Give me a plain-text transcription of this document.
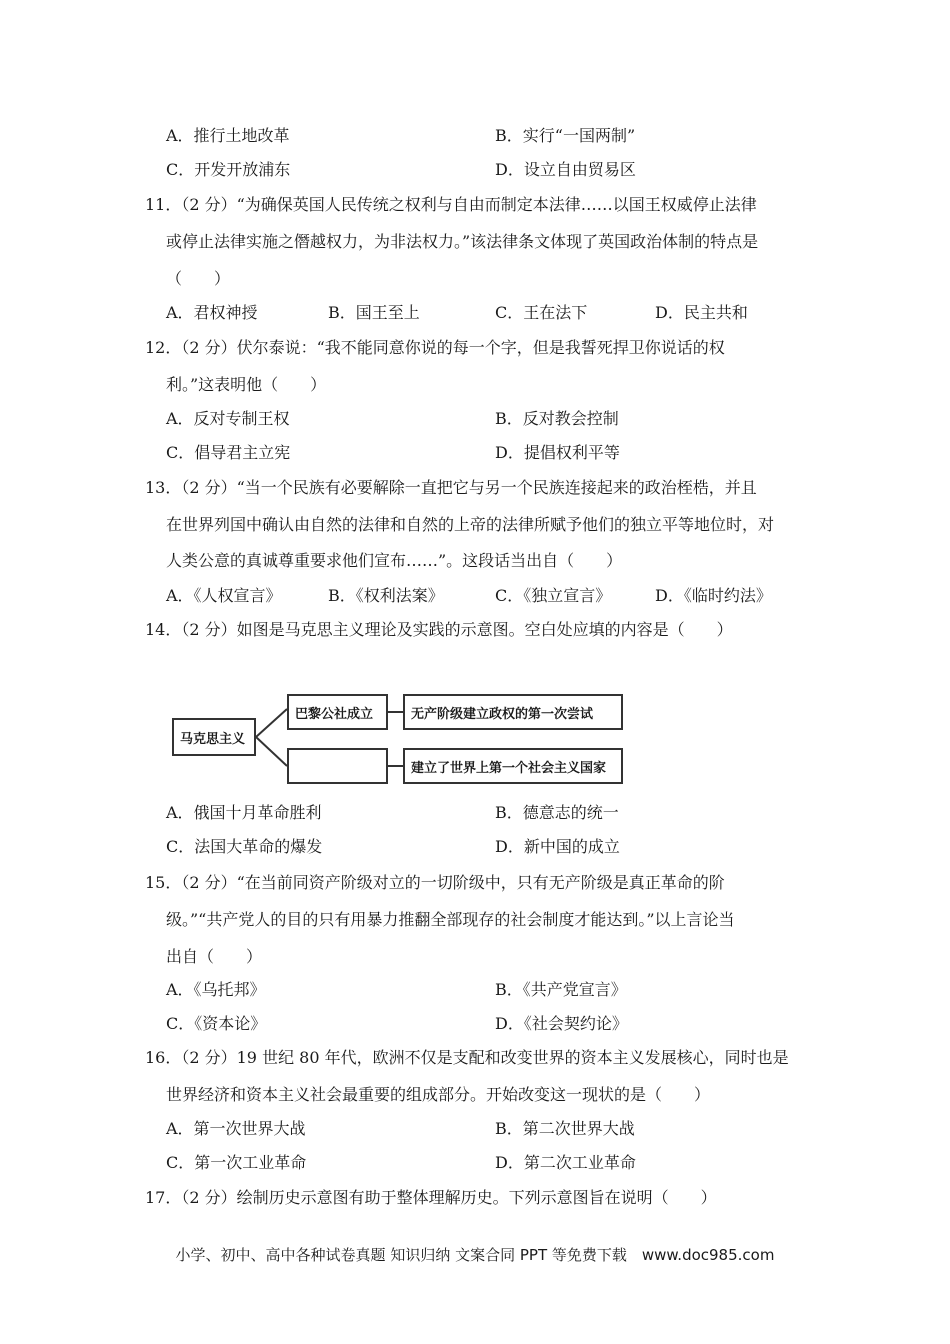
A．推行土地改革	B．实行“一国两制”
C．开发开放浦东	D．设立自由贸易区
11．（2 分）“为确保英国人民传统之权利与自由而制定本法律……以国王权威停止法律
或停止法律实施之僭越权力，为非法权力。”该法律条文体现了英国政治体制的特点是
（　　）
A．君权神授	B．国王至上	C．王在法下	D．民主共和
12．（2 分）伏尔泰说：“我不能同意你说的每一个字，但是我誓死捍卫你说话的权
利。”这表明他（　　）
A．反对专制王权	B．反对教会控制
C．倡导君主立宪	D．提倡权利平等
13．（2 分）“当一个民族有必要解除一直把它与另一个民族连接起来的政治桎梏，并且
在世界列国中确认由自然的法律和自然的上帝的法律所赋予他们的独立平等地位时，对
人类公意的真诚尊重要求他们宣布……”。这段话当出自（　　）
A．《人权宣言》	B．《权利法案》	C．《独立宣言》	D．《临时约法》
14．（2 分）如图是马克思主义理论及实践的示意图。空白处应填的内容是（　　）
马克思主义
巴黎公社成立	无产阶级建立政权的第一次尝试
建立了世界上第一个社会主义国家
A．俄国十月革命胜利	B．德意志的统一
C．法国大革命的爆发	D．新中国的成立
15．（2 分）“在当前同资产阶级对立的一切阶级中，只有无产阶级是真正革命的阶
级。”“共产党人的目的只有用暴力推翻全部现存的社会制度才能达到。”以上言论当
出自（　　）
A．《乌托邦》	B．《共产党宣言》
C．《资本论》	D．《社会契约论》
16．（2 分）19 世纪 80 年代，欧洲不仅是支配和改变世界的资本主义发展核心，同时也是
世界经济和资本主义社会最重要的组成部分。开始改变这一现状的是（　　）
A．第一次世界大战	B．第二次世界大战
C．第一次工业革命	D．第二次工业革命
17．（2 分）绘制历史示意图有助于整体理解历史。下列示意图旨在说明（　　）
小学、初中、高中各种试卷真题 知识归纳 文案合同 PPT 等免费下载　www.doc985.com
